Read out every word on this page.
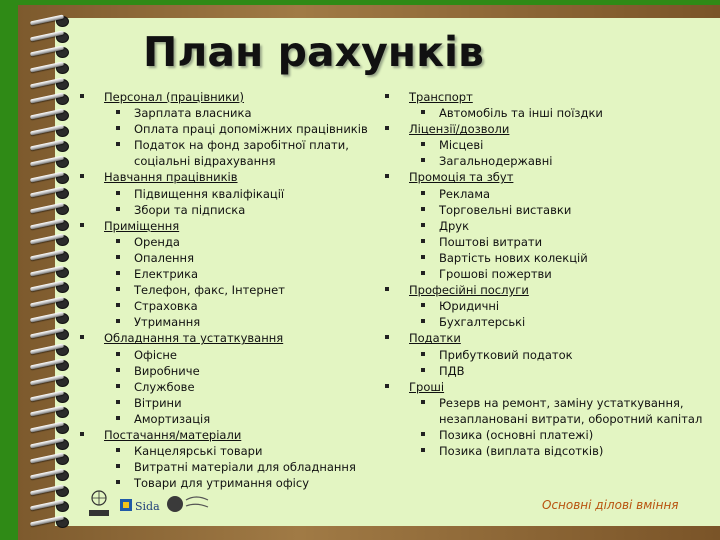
План рахунків
Персонал (працівники)
Зарплата власника
Оплата праці допоміжних працівників
Податок на фонд заробітної плати, соціальні відрахування
Навчання працівників
Підвищення кваліфікації
Збори та підписка
Приміщення
Оренда
Опалення
Електрика
Телефон, факс, Інтернет
Страховка
Утримання
Обладнання та устаткування
Офісне
Виробниче
Службове
Вітрини
Амортизація
Постачання/матеріали
Канцелярські товари
Витратні матеріали для обладнання
Товари для утримання офісу
Транспорт
Автомобіль та інші поїздки
Ліцензії/дозволи
Місцеві
Загальнодержавні
Промоція та збут
Реклама
Торговельні виставки
Друк
Поштові витрати
Вартість нових колекцій
Грошові пожертви
Професійні послуги
Юридичні
Бухгалтерські
Податки
Прибутковий податок
ПДВ
Гроші
Резерв на ремонт, заміну устаткування, незаплановані витрати, оборотний капітал
Позика (основні платежі)
Позика (виплата відсотків)
Sida	Основні ділові вміння
